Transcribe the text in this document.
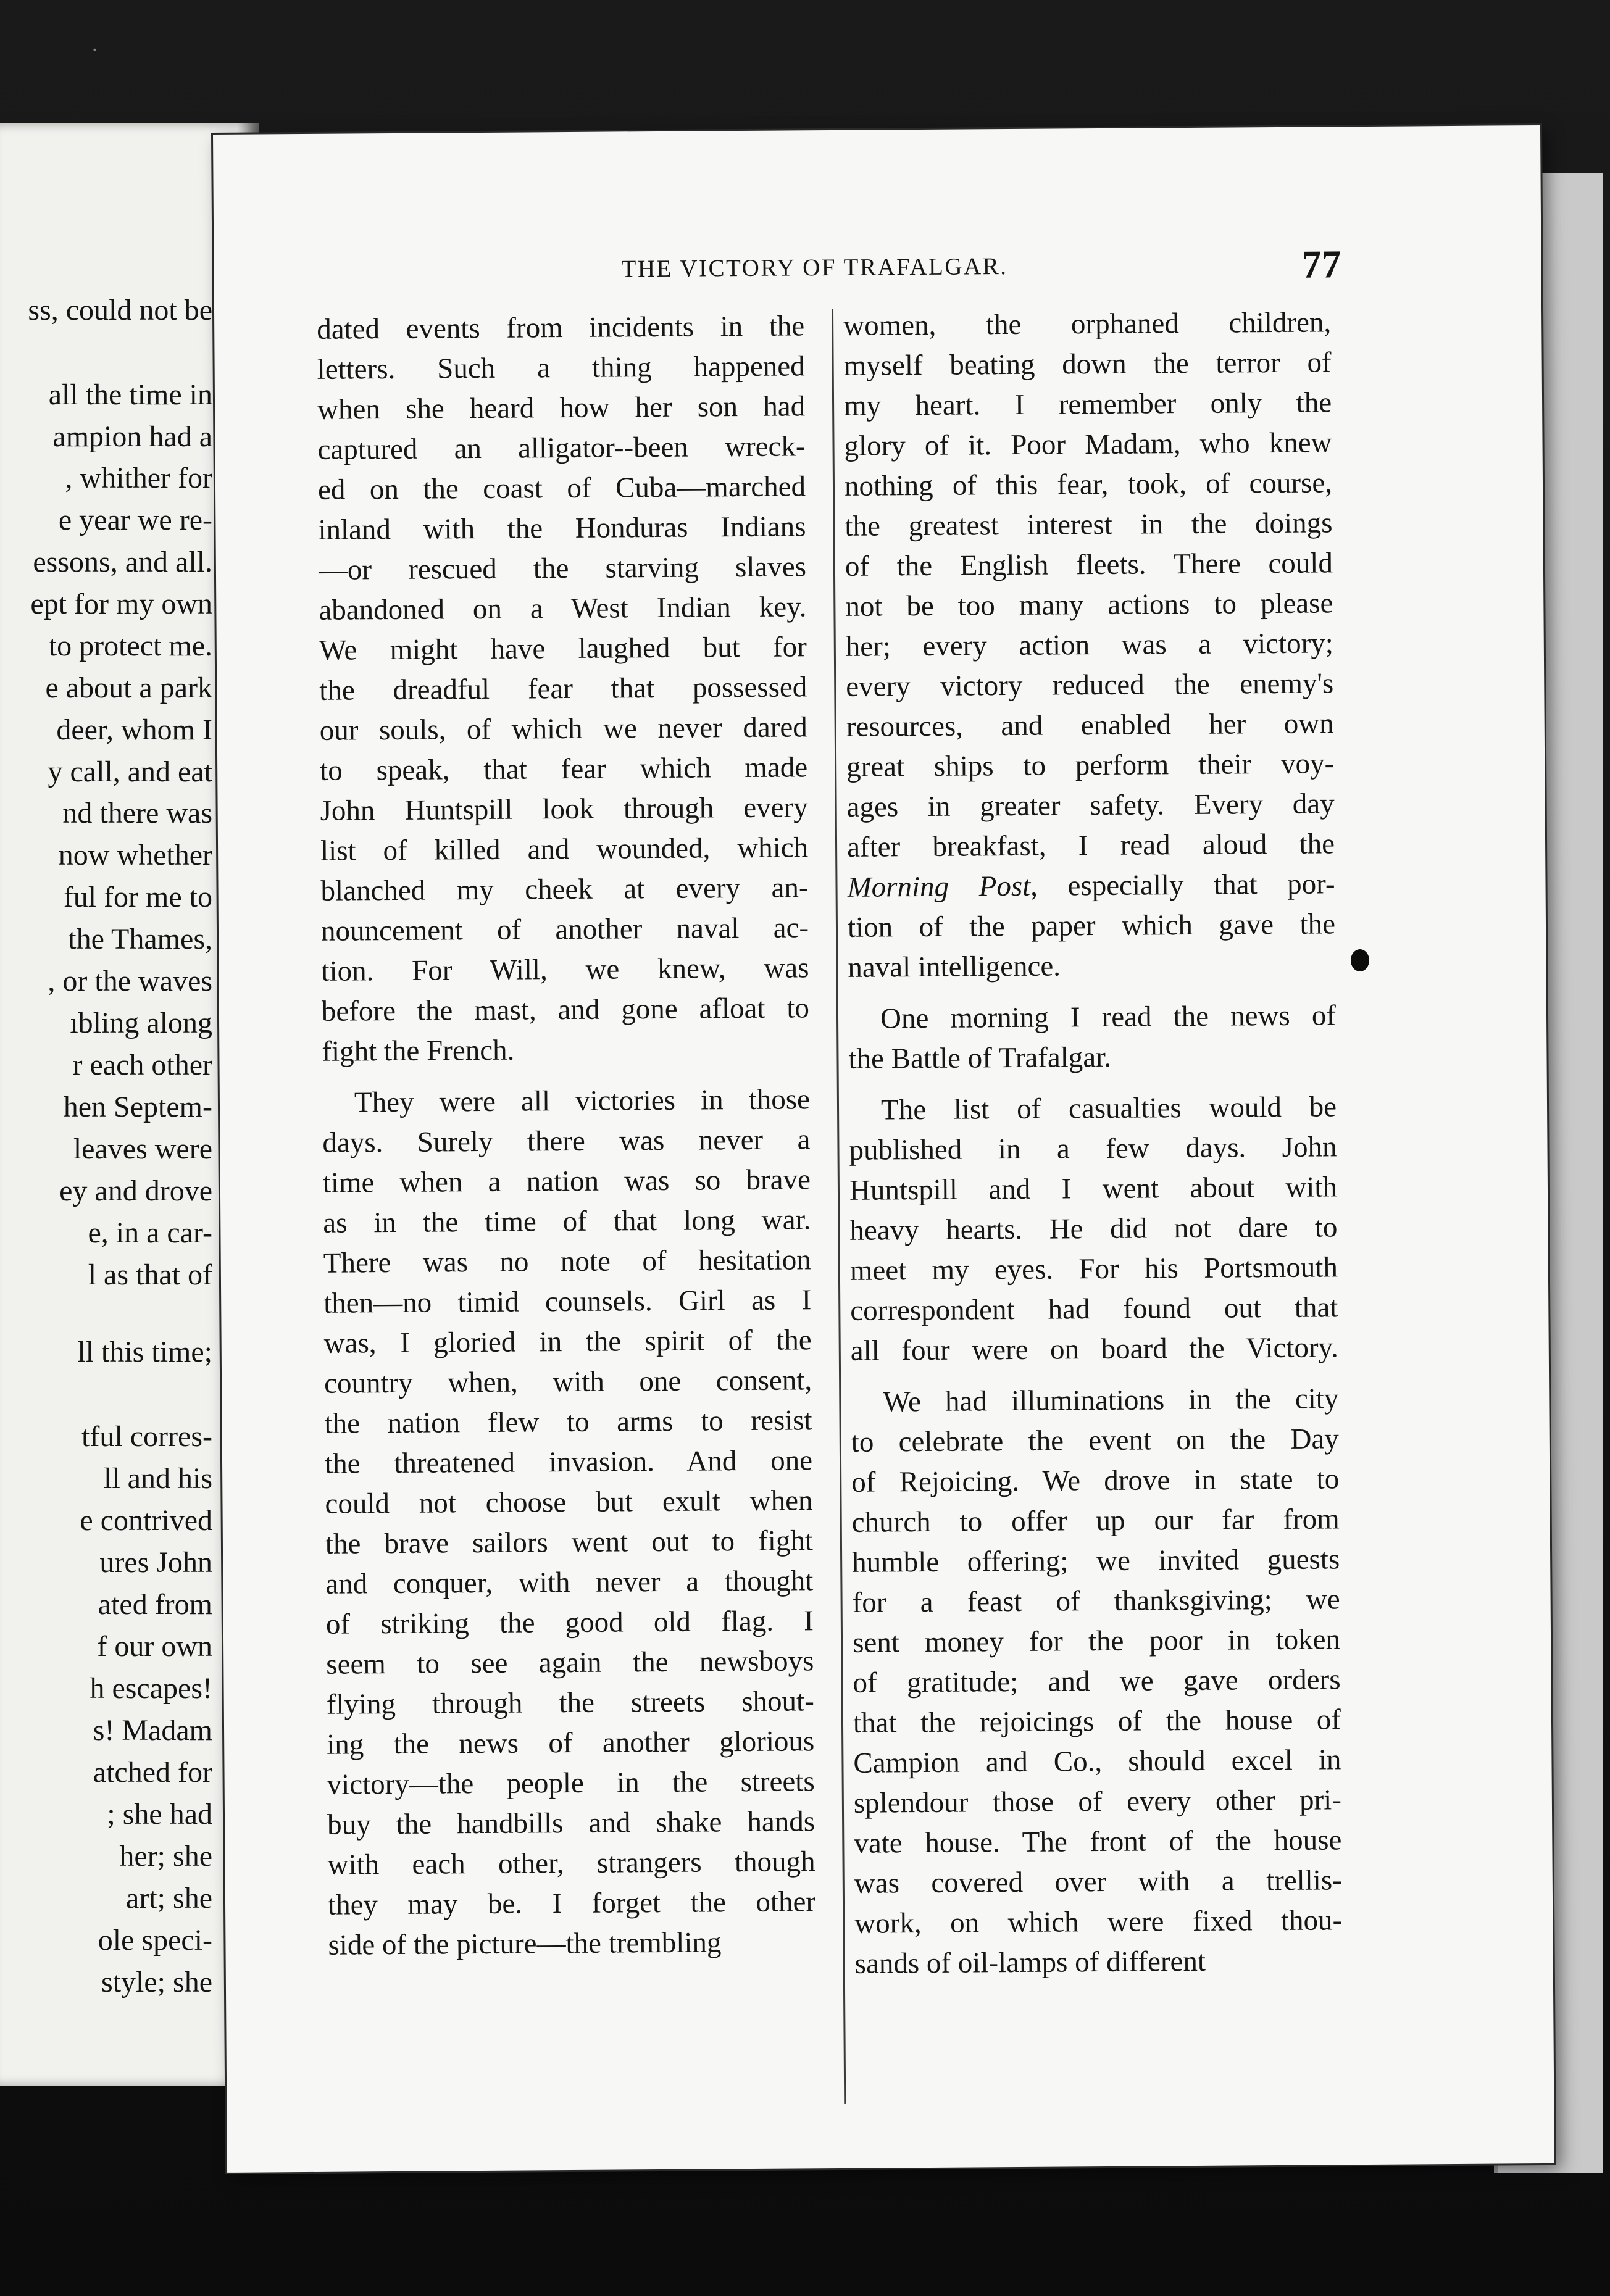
ss, could not be
all the time in
ampion had a
, whither for
e year we re-
essons, and all.
ept for my own
to protect me.
e about a park
deer, whom I
y call, and eat
nd there was
now whether
ful for me to
the Thames,
, or the waves
ıbling along
r each other
hen Septem-
leaves were
ey and drove
e, in a car-
l as that of
ll this time;
tful corres-
ll and his
e contrived
ures John
ated from
f our own
h escapes!
s! Madam
atched for
; she had
her; she
art; she
ole speci-
style; she
THE VICTORY OF TRAFALGAR.	77
dated events from incidents in the
letters. Such a thing happened
when she heard how her son had
captured an alligator--been wreck-
ed on the coast of Cuba—marched
inland with the Honduras Indians
—or rescued the starving slaves
abandoned on a West Indian key.
We might have laughed but for
the dreadful fear that possessed
our souls, of which we never dared
to speak, that fear which made
John Huntspill look through every
list of killed and wounded, which
blanched my cheek at every an-
nouncement of another naval ac-
tion. For Will, we knew, was
before the mast, and gone afloat to
fight the French.
They were all victories in those
days. Surely there was never a
time when a nation was so brave
as in the time of that long war.
There was no note of hesitation
then—no timid counsels. Girl as I
was, I gloried in the spirit of the
country when, with one consent,
the nation flew to arms to resist
the threatened invasion. And one
could not choose but exult when
the brave sailors went out to fight
and conquer, with never a thought
of striking the good old flag. I
seem to see again the newsboys
flying through the streets shout-
ing the news of another glorious
victory—the people in the streets
buy the handbills and shake hands
with each other, strangers though
they may be. I forget the other
side of the picture—the trembling
women, the orphaned children,
myself beating down the terror of
my heart. I remember only the
glory of it. Poor Madam, who knew
nothing of this fear, took, of course,
the greatest interest in the doings
of the English fleets. There could
not be too many actions to please
her; every action was a victory;
every victory reduced the enemy's
resources, and enabled her own
great ships to perform their voy-
ages in greater safety. Every day
after breakfast, I read aloud the
Morning Post, especially that por-
tion of the paper which gave the
naval intelligence.
One morning I read the news of
the Battle of Trafalgar.
The list of casualties would be
published in a few days. John
Huntspill and I went about with
heavy hearts. He did not dare to
meet my eyes. For his Portsmouth
correspondent had found out that
all four were on board the Victory.
We had illuminations in the city
to celebrate the event on the Day
of Rejoicing. We drove in state to
church to offer up our far from
humble offering; we invited guests
for a feast of thanksgiving; we
sent money for the poor in token
of gratitude; and we gave orders
that the rejoicings of the house of
Campion and Co., should excel in
splendour those of every other pri-
vate house. The front of the house
was covered over with a trellis-
work, on which were fixed thou-
sands of oil-lamps of different
